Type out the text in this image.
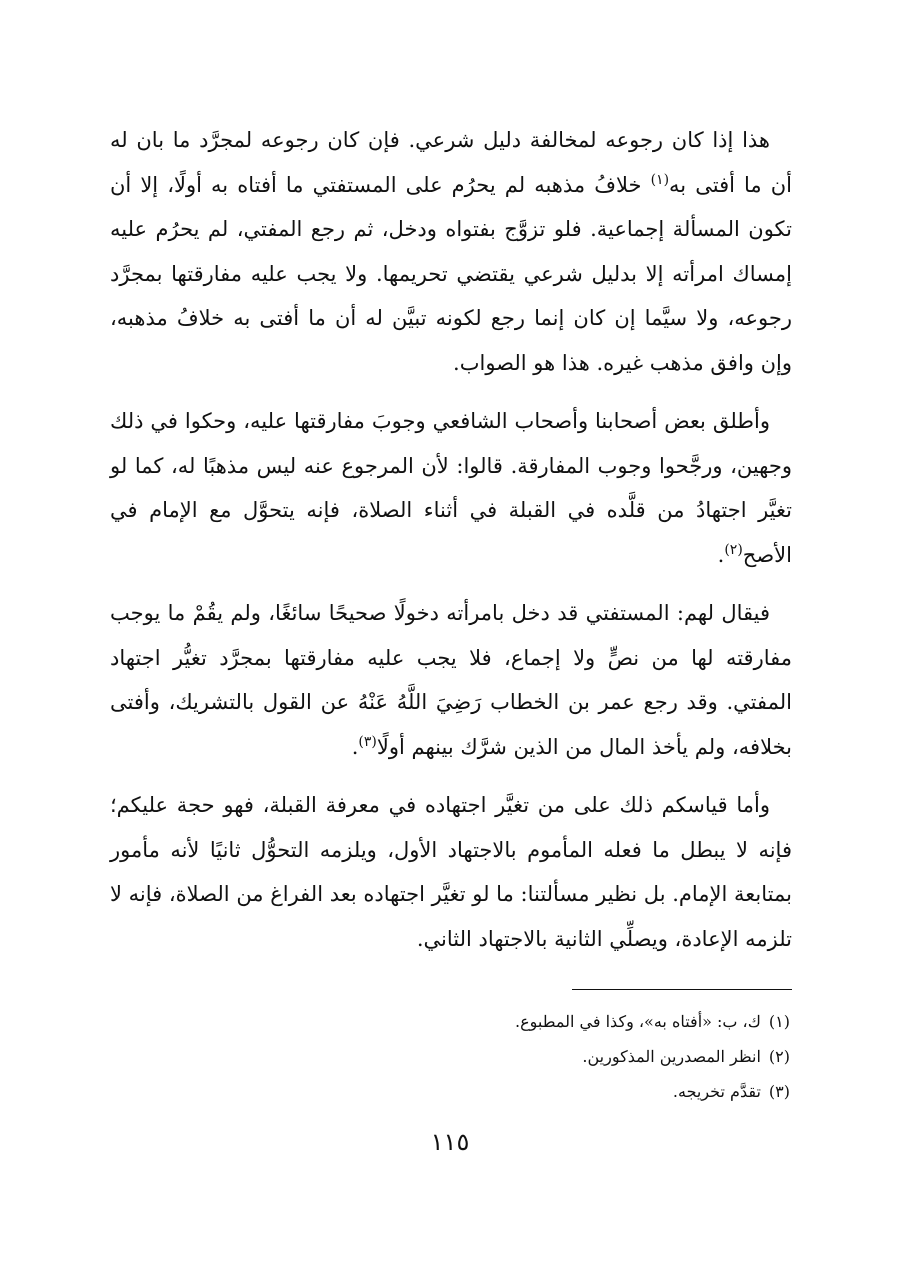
هذا إذا كان رجوعه لمخالفة دليل شرعي. فإن كان رجوعه لمجرَّد ما بان له أن ما أفتى به$^{(١)}$ خلافُ مذهبه لم يحرُم على المستفتي ما أفتاه به أولًا، إلا أن تكون المسألة إجماعية. فلو تزوَّج بفتواه ودخل، ثم رجع المفتي، لم يحرُم عليه إمساك امرأته إلا بدليل شرعي يقتضي تحريمها. ولا يجب عليه مفارقتها بمجرَّد رجوعه، ولا سيَّما إن كان إنما رجع لكونه تبيَّن له أن ما أفتى به خلافُ مذهبه، وإن وافق مذهب غيره. هذا هو الصواب.

وأطلق بعض أصحابنا وأصحاب الشافعي وجوبَ مفارقتها عليه، وحكوا في ذلك وجهين، ورجَّحوا وجوب المفارقة. قالوا: لأن المرجوع عنه ليس مذهبًا له، كما لو تغيَّر اجتهادُ من قلَّده في القبلة في أثناء الصلاة، فإنه يتحوَّل مع الإمام في الأصح$^{(٢)}$.

فيقال لهم: المستفتي قد دخل بامرأته دخولًا صحيحًا سائغًا، ولم يقُمْ ما يوجب مفارقته لها من نصٍّ ولا إجماع، فلا يجب عليه مفارقتها بمجرَّد تغيُّر اجتهاد المفتي. وقد رجع عمر بن الخطاب رَضِيَ اللَّهُ عَنْهُ عن القول بالتشريك، وأفتى بخلافه، ولم يأخذ المال من الذين شرَّك بينهم أولًا$^{(٣)}$.

وأما قياسكم ذلك على من تغيَّر اجتهاده في معرفة القبلة، فهو حجة عليكم؛ فإنه لا يبطل ما فعله المأموم بالاجتهاد الأول، ويلزمه التحوُّل ثانيًا لأنه مأمور بمتابعة الإمام. بل نظير مسألتنا: ما لو تغيَّر اجتهاده بعد الفراغ من الصلاة، فإنه لا تلزمه الإعادة، ويصلِّي الثانية بالاجتهاد الثاني.

(١)ك، ب: «أفتاه به»، وكذا في المطبوع.
(٢)انظر المصدرين المذكورين.
(٣)تقدَّم تخريجه.
١١٥
